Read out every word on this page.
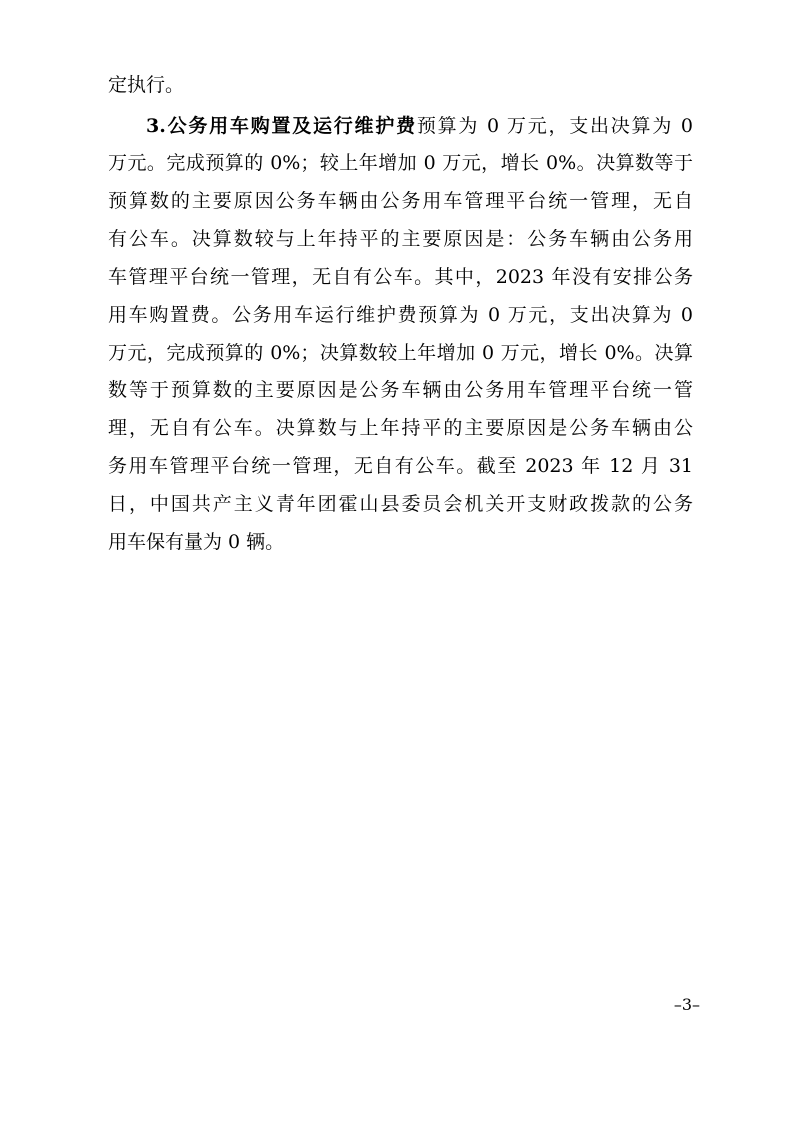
定执行。
3.公务用车购置及运行维护费预算为 0 万元，支出决算为 0
万元。完成预算的 0%；较上年增加 0 万元，增长 0%。决算数等于
预算数的主要原因公务车辆由公务用车管理平台统一管理，无自
有公车。决算数较与上年持平的主要原因是：公务车辆由公务用
车管理平台统一管理，无自有公车。其中，2023 年没有安排公务
用车购置费。公务用车运行维护费预算为 0 万元，支出决算为 0
万元，完成预算的 0%；决算数较上年增加 0 万元，增长 0%。决算
数等于预算数的主要原因是公务车辆由公务用车管理平台统一管
理，无自有公车。决算数与上年持平的主要原因是公务车辆由公
务用车管理平台统一管理，无自有公车。截至 2023 年 12 月 31
日，中国共产主义青年团霍山县委员会机关开支财政拨款的公务
用车保有量为 0 辆。
–3–
